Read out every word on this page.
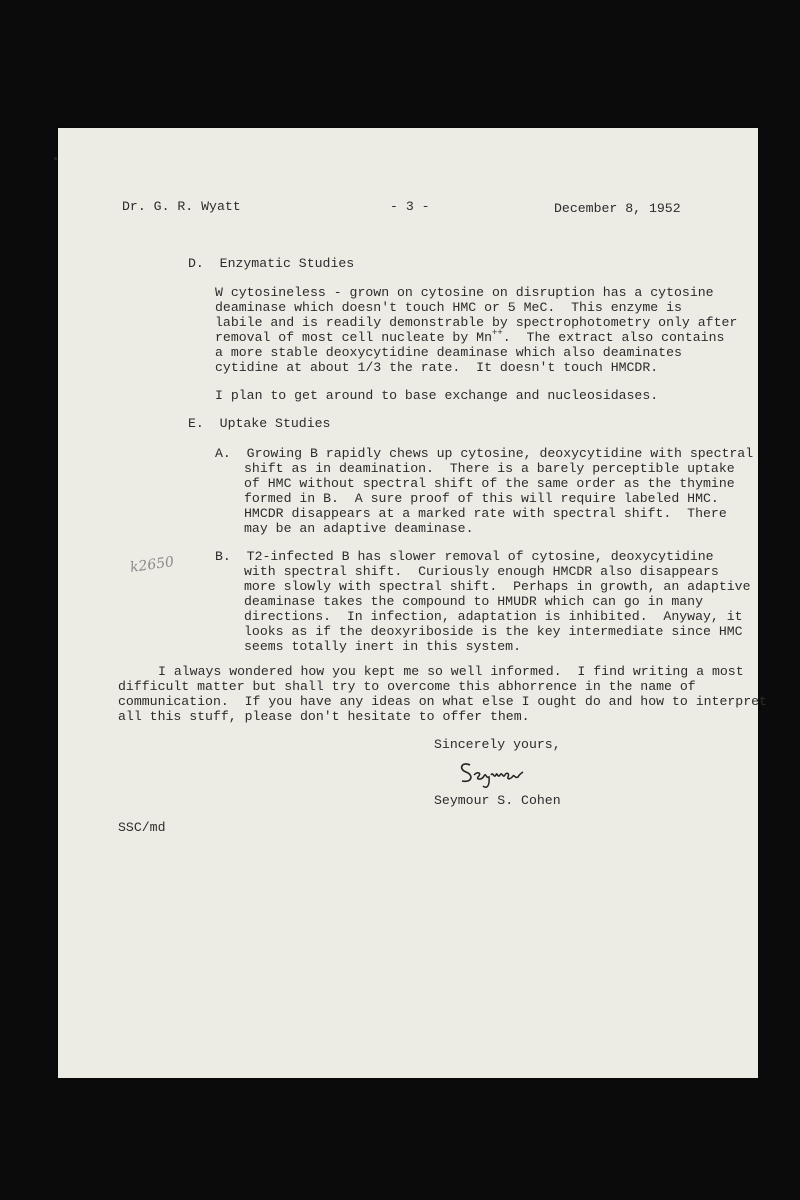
Dr. G. R. Wyatt	- 3 -	December 8, 1952

D.  Enzymatic Studies

W cytosineless - grown on cytosine on disruption has a cytosine

deaminase which doesn't touch HMC or 5 MeC.  This enzyme is

labile and is readily demonstrable by spectrophotometry only after

removal of most cell nucleate by Mn++.  The extract also contains

a more stable deoxycytidine deaminase which also deaminates

cytidine at about 1/3 the rate.  It doesn't touch HMCDR.

I plan to get around to base exchange and nucleosidases.

E.  Uptake Studies

A.  Growing B rapidly chews up cytosine, deoxycytidine with spectral

shift as in deamination.  There is a barely perceptible uptake

of HMC without spectral shift of the same order as the thymine

formed in B.  A sure proof of this will require labeled HMC.

HMCDR disappears at a marked rate with spectral shift.  There

may be an adaptive deaminase.

B.  T2-infected B has slower removal of cytosine, deoxycytidine

with spectral shift.  Curiously enough HMCDR also disappears

more slowly with spectral shift.  Perhaps in growth, an adaptive

deaminase takes the compound to HMUDR which can go in many

directions.  In infection, adaptation is inhibited.  Anyway, it

looks as if the deoxyriboside is the key intermediate since HMC

seems totally inert in this system.

k2650

I always wondered how you kept me so well informed.  I find writing a most

difficult matter but shall try to overcome this abhorrence in the name of

communication.  If you have any ideas on what else I ought do and how to interpret

all this stuff, please don't hesitate to offer them.

Sincerely yours,

Seymour S. Cohen

SSC/md
